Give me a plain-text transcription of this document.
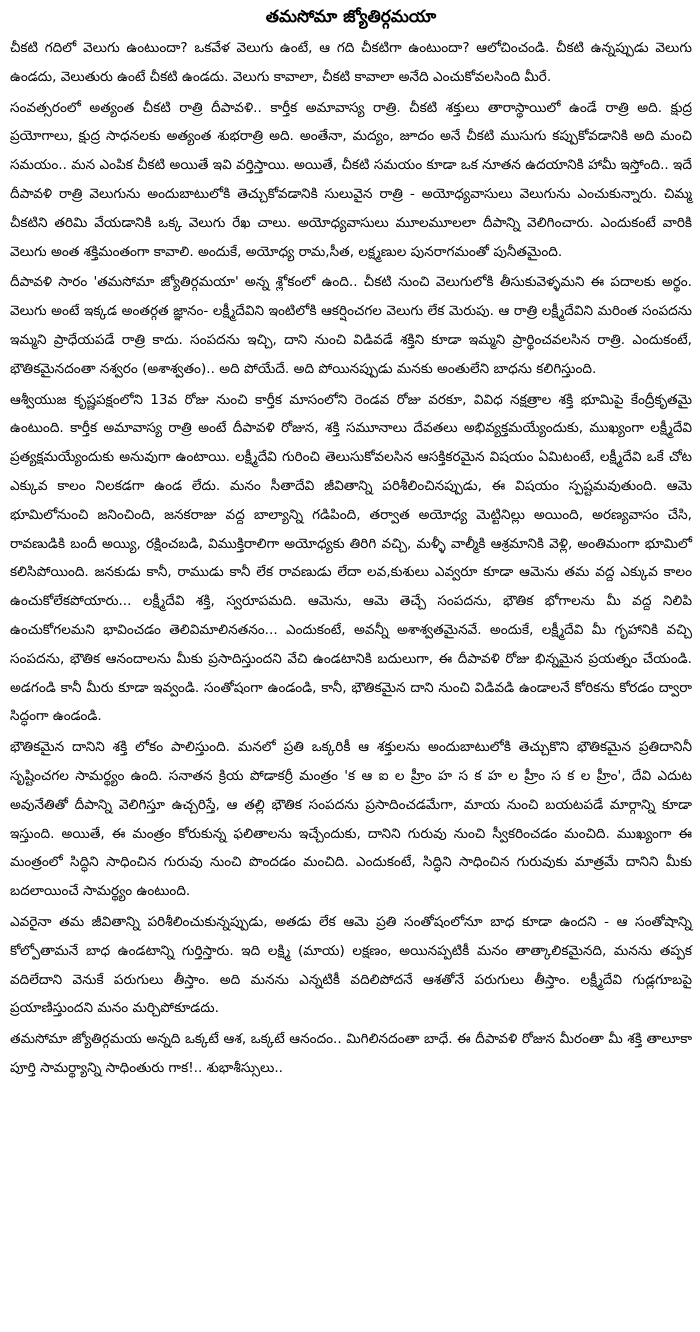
తమసోమా జ్యోతిర్గమయా

చీకటి గదిలో వెలుగు ఉంటుందా? ఒకవేళ వెలుగు ఉంటే, ఆ గది చీకటిగా ఉంటుందా? ఆలోచించండి. చీకటి ఉన్నప్పుడు వెలుగు ఉండదు, వెలుతురు ఉంటే చీకటి ఉండదు. వెలుగు కావాలా, చీకటి కావాలా అనేది ఎంచుకోవలసింది మీరే.

సంవత్సరంలో అత్యంత చీకటి రాత్రి దీపావళి.. కార్తీక అమావాస్య రాత్రి. చీకటి శక్తులు తారాస్థాయిలో ఉండే రాత్రి అది. క్షుద్ర ప్రయోగాలు, క్షుద్ర సాధనలకు అత్యంత శుభరాత్రి అది. అంతేనా, మద్యం, జూదం అనే చీకటి ముసుగు కప్పుకోవడానికి అది మంచి సమయం.. మన ఎంపిక చీకటి అయితే ఇవి వర్తిస్తాయి. అయితే, చీకటి సమయం కూడా ఒక నూతన ఉదయానికి హామీ ఇస్తోంది.. ఇదే దీపావళి రాత్రి వెలుగును అందుబాటులోకి తెచ్చుకోవడానికి సులువైన రాత్రి - అయోధ్యవాసులు వెలుగును ఎంచుకున్నారు. చిమ్మ చీకటిని తరిమి వేయడానికి ఒక్క వెలుగు రేఖ చాలు. అయోధ్యవాసులు మూలమూలలా దీపాన్ని వెలిగించారు. ఎందుకంటే వారికి వెలుగు అంత శక్తిమంతంగా కావాలి. అందుకే, అయోధ్య రామ,సీత, లక్ష్మణుల పునరాగమంతో పునీతమైంది.

దీపావళి సారం 'తమసోమా జ్యోతిర్గమయా' అన్న శ్లోకంలో ఉంది.. చీకటి నుంచి వెలుగులోకి తీసుకువెళ్ళమని ఈ పదాలకు అర్థం. వెలుగు అంటే ఇక్కడ అంతర్గత జ్ఞానం- లక్ష్మీదేవిని ఇంటిలోకి ఆకర్షించగల వెలుగు లేక మెరుపు. ఆ రాత్రి లక్ష్మీదేవిని మరింత సంపదను ఇమ్మని ప్రాధేయపడే రాత్రి కాదు. సంపదను ఇచ్చి, దాని నుంచి విడివడే శక్తిని కూడా ఇమ్మని ప్రార్థించవలసిన రాత్రి. ఎందుకంటే, భౌతికమైనదంతా నశ్వరం (అశాశ్వతం).. అది పోయేదే. అది పోయినప్పుడు మనకు అంతులేని బాధను కలిగిస్తుంది.

ఆశ్వీయుజ కృష్ణపక్షంలోని 13వ రోజు నుంచి కార్తీక మాసంలోని రెండవ రోజు వరకూ, వివిధ నక్షత్రాల శక్తి భూమిపై కేంద్రీకృతమై ఉంటుంది. కార్తీక అమావాస్య రాత్రి అంటే దీపావళి రోజున, శక్తి సమూనాలు దేవతలు అభివ్యక్తమయ్యేందుకు, ముఖ్యంగా లక్ష్మీదేవి ప్రత్యక్షమయ్యేందుకు అనువుగా ఉంటాయి. లక్ష్మీదేవి గురించి తెలుసుకోవలసిన ఆసక్తికరమైన విషయం ఏమిటంటే, లక్ష్మీదేవి ఒకే చోట ఎక్కువ కాలం నిలకడగా ఉండ లేదు. మనం సీతాదేవి జీవితాన్ని పరిశీలించినప్పుడు, ఈ విషయం స్పష్టమవుతుంది. ఆమె భూమిలోనుంచి జనించింది, జనకరాజు వద్ద బాల్యాన్ని గడిపింది, తర్వాత అయోధ్య మెట్టినిల్లు అయింది, అరణ్యవాసం చేసి, రావణుడికి బందీ అయ్యి, రక్షించబడి, విముక్తిరాలిగా అయోధ్యకు తిరిగి వచ్చి, మళ్ళీ వాల్మీకి ఆశ్రమానికి వెళ్లి, అంతిమంగా భూమిలో కలిసిపోయింది. జనకుడు కానీ, రాముడు కానీ లేక రావణుడు లేదా లవ,కుశులు ఎవ్వరూ కూడా ఆమెను తమ వద్ద ఎక్కువ కాలం ఉంచుకోలేకపోయారు... లక్ష్మీదేవి శక్తి, స్వరూపమది. ఆమెను, ఆమె తెచ్చే సంపదను, భౌతిక భోగాలను మీ వద్ద నిలిపి ఉంచుకోగలమని భావించడం తెలివిమాలినతనం... ఎందుకంటే, అవన్నీ అశాశ్వతమైనవే. అందుకే, లక్ష్మీదేవి మీ గృహానికి వచ్చి సంపదను, భౌతిక ఆనందాలను మీకు ప్రసాదిస్తుందని వేచి ఉండటానికి బదులుగా, ఈ దీపావళి రోజు భిన్నమైన ప్రయత్నం చేయండి. అడగండి కానీ మీరు కూడా ఇవ్వండి. సంతోషంగా ఉండండి, కానీ, భౌతికమైన దాని నుంచి విడివడి ఉండాలనే కోరికను కోరడం ద్వారా సిద్ధంగా ఉండండి.

భౌతికమైన దానిని శక్తి లోకం పాలిస్తుంది. మనలో ప్రతి ఒక్కరికీ ఆ శక్తులను అందుబాటులోకి తెచ్చుకొని భౌతికమైన ప్రతిదానినీ సృష్టించగల సామర్థ్యం ఉంది. సనాతన క్రియ పోడాకర్రీ మంత్రం 'క ఆ ఐ ల హ్రీం హ స క హ ల హ్రీం స క ల హ్రీం', దేవి ఎదుట అవునేతితో దీపాన్ని వెలిగిస్తూ ఉచ్చరిస్తే, ఆ తల్లి భౌతిక సంపదను ప్రసాదించడమేగా, మాయ నుంచి బయటపడే మార్గాన్ని కూడా ఇస్తుంది. అయితే, ఈ మంత్రం కోరుకున్న ఫలితాలను ఇచ్చేందుకు, దానిని గురువు నుంచి స్వీకరించడం మంచిది. ముఖ్యంగా ఈ మంత్రంలో సిద్ధిని సాధించిన గురువు నుంచి పొందడం మంచిది. ఎందుకంటే, సిద్ధిని సాధించిన గురువుకు మాత్రమే దానిని మీకు బదలాయించే సామర్థ్యం ఉంటుంది.

ఎవరైనా తమ జీవితాన్ని పరిశీలించుకున్నప్పుడు, అతడు లేక ఆమె ప్రతి సంతోషంలోనూ బాధ కూడా ఉందని - ఆ సంతోషాన్ని కోల్పోతామనే బాధ ఉండటాన్ని గుర్తిస్తారు. ఇది లక్ష్మి (మాయ) లక్షణం, అయినప్పటికీ మనం తాత్కాలికమైనది, మనను తప్పక వదిలేదాని వెనుకే పరుగులు తీస్తాం. అది మనను ఎన్నటికీ వదిలిపోదనే ఆశతోనే పరుగులు తీస్తాం. లక్ష్మీదేవి గుడ్లగూబపై ప్రయాణిస్తుందని మనం మర్చిపోకూడదు.

తమసోమా జ్యోతిర్గమయ అన్నది ఒక్కటే ఆశ, ఒక్కటే ఆనందం.. మిగిలినదంతా బాధే. ఈ దీపావళి రోజున మీరంతా మీ శక్తి తాలూకా పూర్తి సామర్థ్యాన్ని సాధింతురు గాక!.. శుభాశీస్సులు..
